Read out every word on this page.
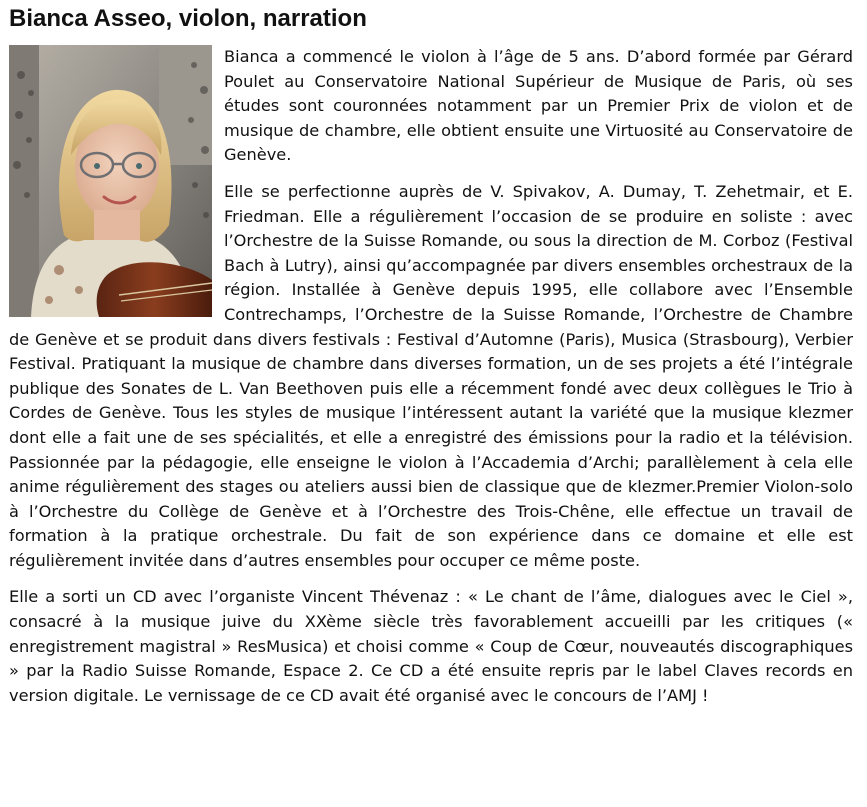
Bianca Asseo, violon, narration

Bianca a commencé le violon à l’âge de 5 ans. D’abord formée par Gérard Poulet au Conservatoire National Supérieur de Musique de Paris, où ses études sont couronnées notamment par un Premier Prix de violon et de musique de chambre, elle obtient ensuite une Virtuosité au Conservatoire de Genève.

Elle se perfectionne auprès de V. Spivakov, A. Dumay, T. Zehetmair, et E. Friedman. Elle a régulièrement l’occasion de se produire en soliste : avec l’Orchestre de la Suisse Romande, ou sous la direction de M. Corboz (Festival Bach à Lutry), ainsi qu’accompagnée par divers ensembles orchestraux de la région. Installée à Genève depuis 1995, elle collabore avec l’Ensemble Contrechamps, l’Orchestre de la Suisse Romande, l’Orchestre de Chambre de Genève et se produit dans divers festivals : Festival d’Automne (Paris), Musica (Strasbourg), Verbier Festival. Pratiquant la musique de chambre dans diverses formation, un de ses projets a été l’intégrale publique des Sonates de L. Van Beethoven puis elle a récemment fondé avec deux collègues le Trio à Cordes de Genève. Tous les styles de musique l’intéressent autant la variété que la musique klezmer dont elle a fait une de ses spécialités, et elle a enregistré des émissions pour la radio et la télévision. Passionnée par la pédagogie, elle enseigne le violon à l’Accademia d’Archi; parallèlement à cela elle anime régulièrement des stages ou ateliers aussi bien de classique que de klezmer.Premier Violon-solo à l’Orchestre du Collège de Genève et à l’Orchestre des Trois-Chêne, elle effectue un travail de formation à la pratique orchestrale. Du fait de son expérience dans ce domaine et elle est régulièrement invitée dans d’autres ensembles pour occuper ce même poste.

Elle a sorti un CD avec l’organiste Vincent Thévenaz : « Le chant de l’âme, dialogues avec le Ciel », consacré à la musique juive du XXème siècle très favorablement accueilli par les critiques (« enregistrement magistral » ResMusica) et choisi comme « Coup de Cœur, nouveautés discographiques » par la Radio Suisse Romande, Espace 2. Ce CD a été ensuite repris par le label Claves records en version digitale. Le vernissage de ce CD avait été organisé avec le concours de l’AMJ !
